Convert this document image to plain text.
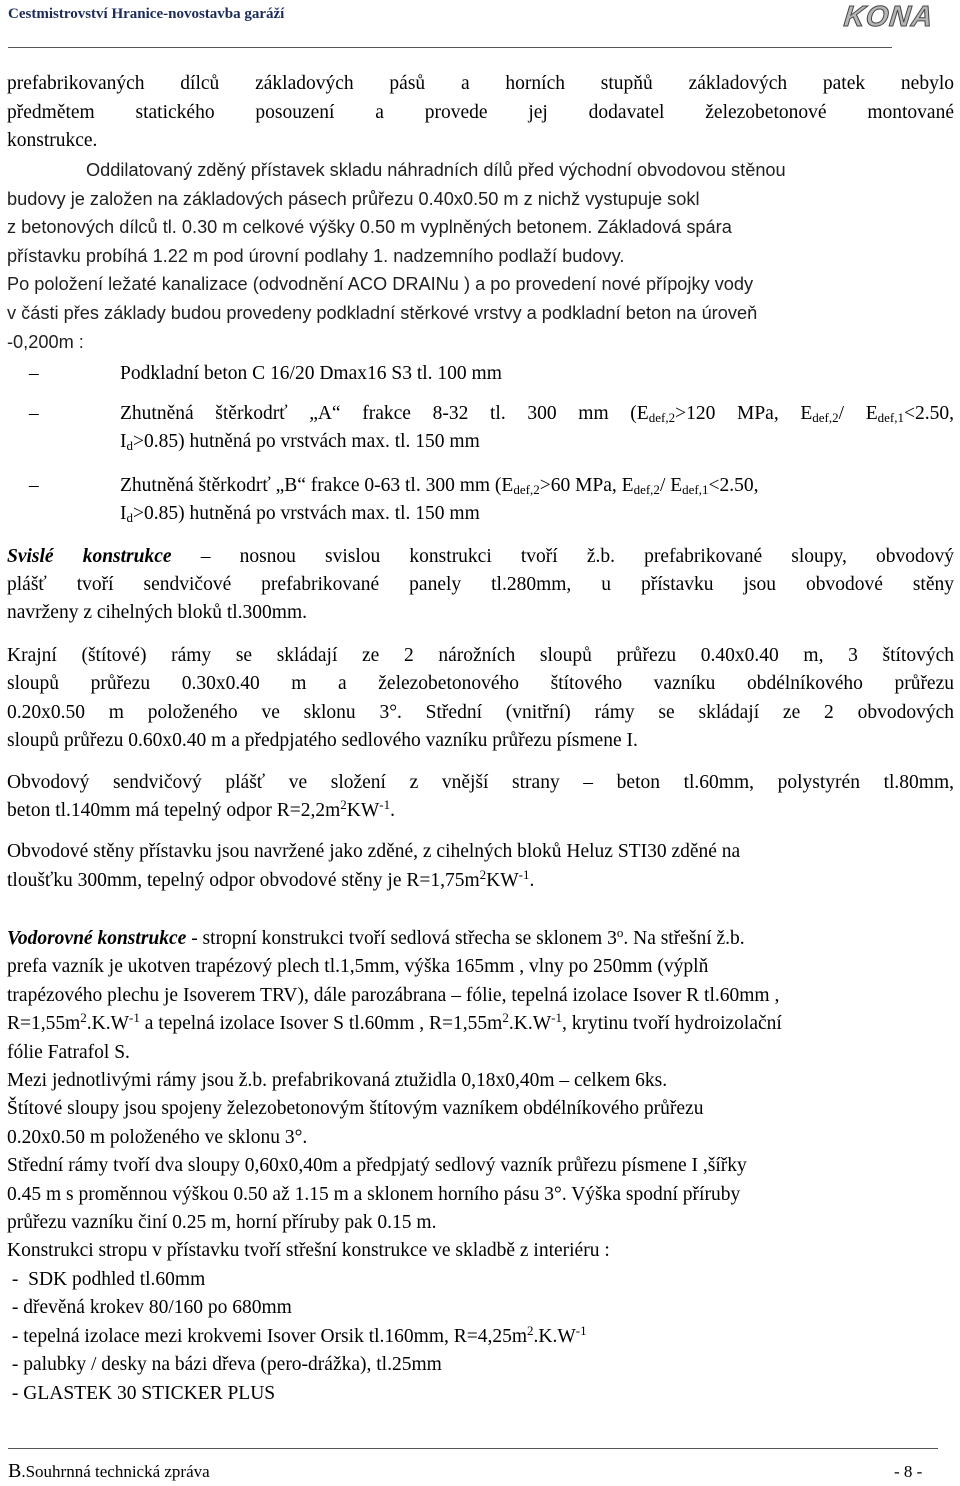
Cestmistrovství Hranice-novostavba garáží	KONA
prefabrikovaných dílců základových pásů a horních stupňů základových patek nebylo
předmětem statického posouzení a provede jej dodavatel železobetonové montované
konstrukce.
Oddilatovaný zděný přístavek skladu náhradních dílů před východní obvodovou stěnou
budovy je založen na základových pásech průřezu 0.40x0.50 m z nichž vystupuje sokl
z betonových dílců tl. 0.30 m celkové výšky 0.50 m vyplněných betonem. Základová spára
přístavku probíhá 1.22 m pod úrovní podlahy 1. nadzemního podlaží budovy.
Po položení ležaté kanalizace (odvodnění ACO DRAINu ) a po provedení nové přípojky vody
v části přes základy budou provedeny podkladní stěrkové vrstvy a podkladní beton na úroveň
-0,200m :
–	Podkladní beton C 16/20 Dmax16 S3 tl. 100 mm
–	Zhutněná štěrkodrť „A“ frakce 8-32 tl. 300 mm ($E_{def,2}>120$ MPa, $E_{def,2}/$ $E_{def,1}<2.50$,
$I_d>0.85$) hutněná po vrstvách max. tl. 150 mm
–	Zhutněná štěrkodrť „B“ frakce 0-63 tl. 300 mm ($E_{def,2}>60$ MPa, $E_{def,2}/$ $E_{def,1}<2.50$,
$I_d>0.85$) hutněná po vrstvách max. tl. 150 mm
Svislé konstrukce – nosnou svislou konstrukci tvoří ž.b. prefabrikované sloupy, obvodový
plášť tvoří sendvičové prefabrikované panely tl.280mm, u přístavku jsou obvodové stěny
navrženy z cihelných bloků tl.300mm.
Krajní (štítové) rámy se skládají ze 2 nárožních sloupů průřezu 0.40x0.40 m, 3 štítových
sloupů průřezu 0.30x0.40 m a železobetonového štítového vazníku obdélníkového průřezu
0.20x0.50 m položeného ve sklonu 3°. Střední (vnitřní) rámy se skládají ze 2 obvodových
sloupů průřezu 0.60x0.40 m a předpjatého sedlového vazníku průřezu písmene I.
Obvodový sendvičový plášť ve složení z vnější strany – beton tl.60mm, polystyrén tl.80mm,
beton tl.140mm má tepelný odpor $R=2,2m^2KW^{-1}$.
Obvodové stěny přístavku jsou navržené jako zděné, z cihelných bloků Heluz STI30 zděné na
tloušťku 300mm, tepelný odpor obvodové stěny je $R=1,75m^2KW^{-1}$.
Vodorovné konstrukce - stropní konstrukci tvoří sedlová střecha se sklonem 3$^o$. Na střešní ž.b.
prefa vazník je ukotven trapézový plech tl.1,5mm, výška 165mm , vlny po 250mm (výplň
trapézového plechu je Isoverem TRV), dále parozábrana – fólie, tepelná izolace Isover R tl.60mm ,
$R=1,55m^2.K.W^{-1}$ a tepelná izolace Isover S tl.60mm , $R=1,55m^2.K.W^{-1}$, krytinu tvoří hydroizolační
fólie Fatrafol S.
Mezi jednotlivými rámy jsou ž.b. prefabrikovaná ztužidla 0,18x0,40m – celkem 6ks.
Štítové sloupy jsou spojeny železobetonovým štítovým vazníkem obdélníkového průřezu
0.20x0.50 m položeného ve sklonu 3°.
Střední rámy tvoří dva sloupy 0,60x0,40m a předpjatý sedlový vazník průřezu písmene I ,šířky
0.45 m s proměnnou výškou 0.50 až 1.15 m a sklonem horního pásu 3°. Výška spodní příruby
průřezu vazníku činí 0.25 m, horní příruby pak 0.15 m.
Konstrukci stropu v přístavku tvoří střešní konstrukce ve skladbě z interiéru :
-  SDK podhled tl.60mm
- dřevěná krokev 80/160 po 680mm
- tepelná izolace mezi krokvemi Isover Orsik tl.160mm, $R=4,25m^2.K.W^{-1}$
- palubky / desky na bázi dřeva (pero-drážka), tl.25mm
- GLASTEK 30 STICKER PLUS
B.Souhrnná technická zpráva	- 8 -
